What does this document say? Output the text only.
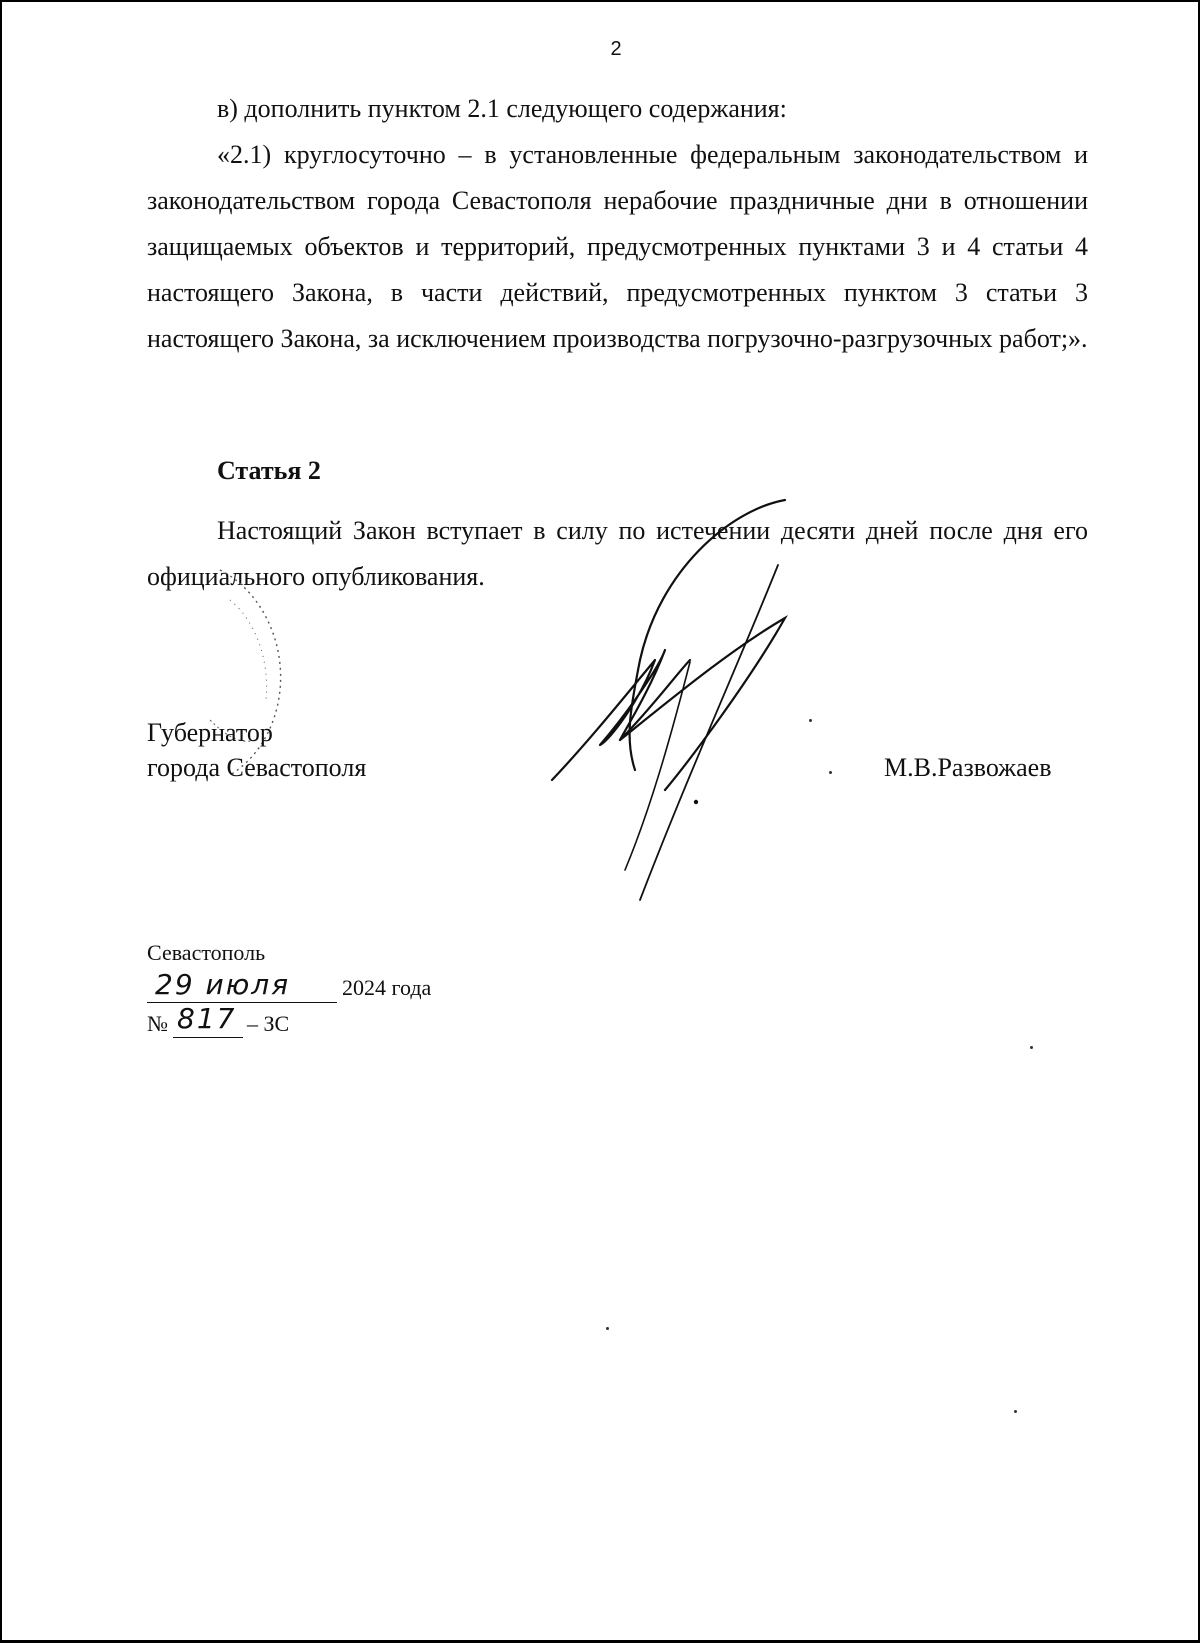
2

в) дополнить пунктом 2.1 следующего содержания:

«2.1) круглосуточно – в установленные федеральным законодательством и законодательством города Севастополя нерабочие праздничные дни в отношении защищаемых объектов и территорий, предусмотренных пунктами 3 и 4 статьи 4 настоящего Закона, в части действий, предусмотренных пунктом 3 статьи 3 настоящего Закона, за исключением производства погрузочно-разгрузочных работ;».

Статья 2

Настоящий Закон вступает в силу по истечении десяти дней после дня его официального опубликования.

Губернатор
города Севастополя	М.В.Развожаев
Севастополь
29 июля 2024 года
№ 817 – ЗС
